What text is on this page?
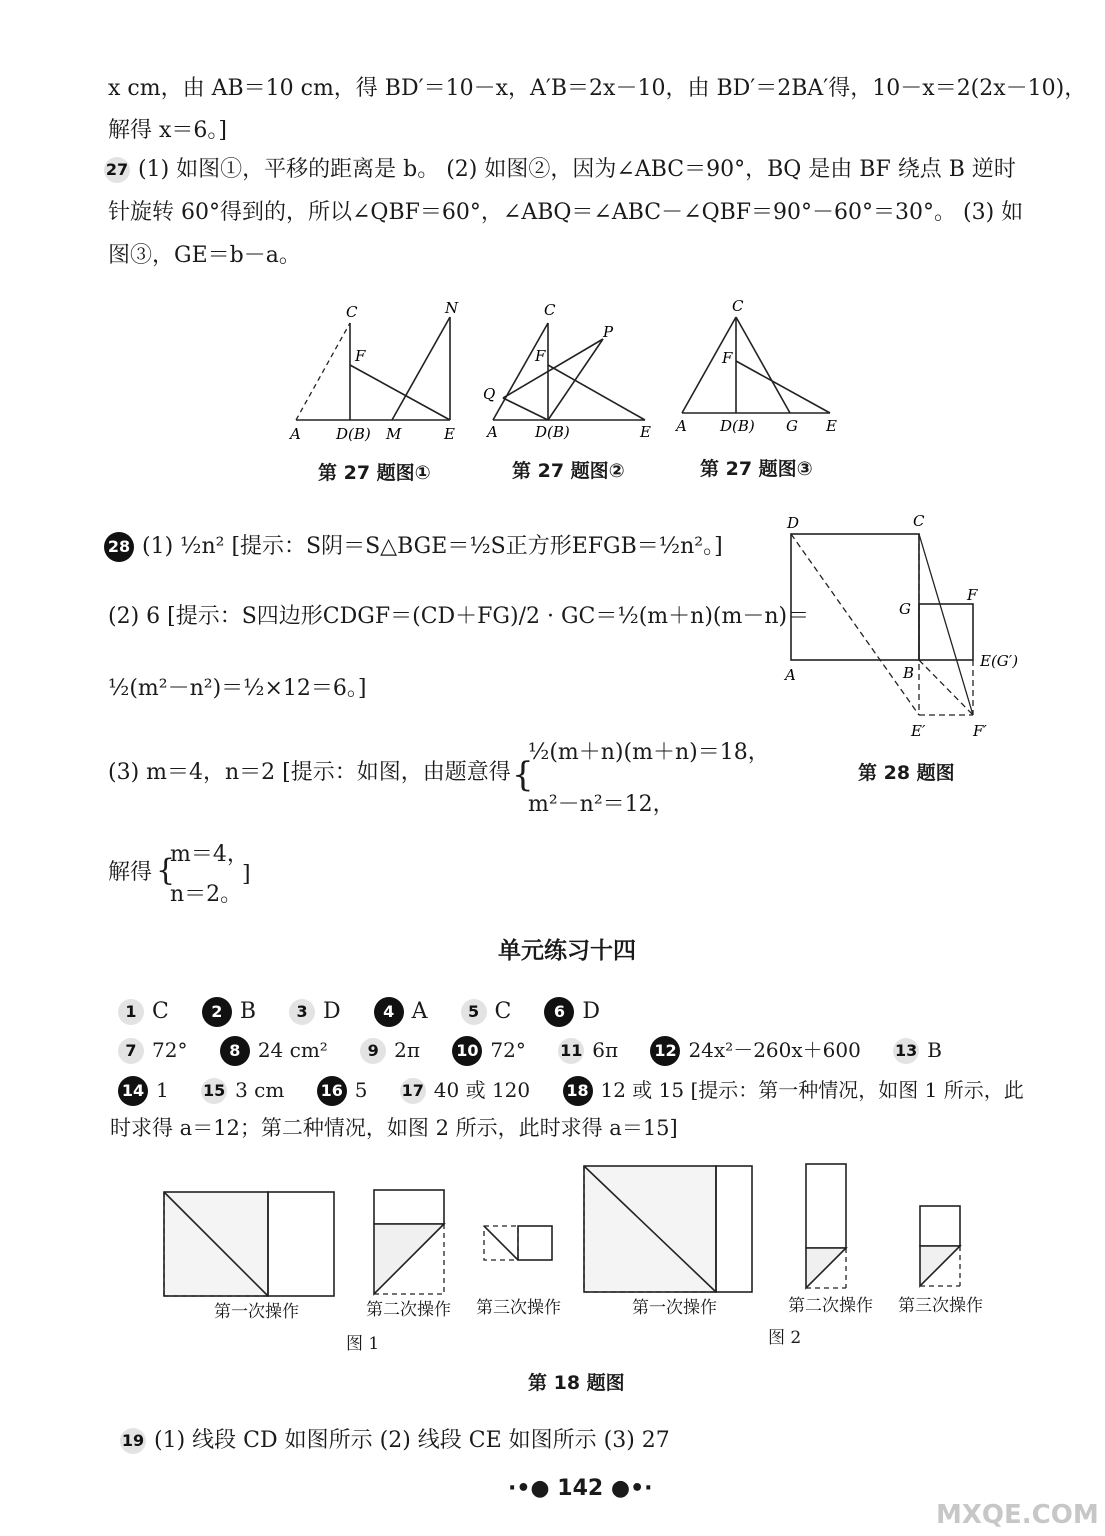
x cm，由 AB＝10 cm，得 BD′＝10－x，A′B＝2x－10，由 BD′＝2BA′得，10－x＝2(2x－10)，
解得 x＝6。]
27 (1) 如图①，平移的距离是 b。 (2) 如图②，因为∠ABC＝90°，BQ 是由 BF 绕点 B 逆时
针旋转 60°得到的，所以∠QBF＝60°，∠ABQ＝∠ABC－∠QBF＝90°－60°＝30°。 (3) 如
图③，GE＝b－a。
C	N
F
A D(B) M	E
C
P
F
Q
A D(B)	E
C
F
A D(B) G E
第 27 题图①	第 27 题图②	第 27 题图③
28 (1) ½n² [提示：S阴＝S△BGE＝½S正方形EFGB＝½n²。]
(2) 6 [提示：S四边形CDGF＝(CD＋FG)/2 · GC＝½(m＋n)(m－n)＝
½(m²－n²)＝½×12＝6。]
(3) m＝4，n＝2 [提示：如图，由题意得 {
½(m＋n)(m＋n)＝18，
m²－n²＝12，
解得 {
m＝4，
n＝2。
]
D	C
G
F
A	B
E(G′)
E′	F′
第 28 题图
单元练习十四
1 C	2 B	3 D	4 A	5 C	6 D
7 72°	8 24 cm² 9 2π 10 72° 11 6π 12 24x²－260x＋600 13 B
14 1 15 3 cm 16 5 17 40 或 120 18 12 或 15 [提示：第一种情况，如图 1 所示，此
时求得 a＝12；第二种情况，如图 2 所示，此时求得 a＝15]
第一次操作	第二次操作 第三次操作	第一次操作	第二次操作 第三次操作
图 1	图 2
第 18 题图
19 (1) 线段 CD 如图所示 (2) 线段 CE 如图所示 (3) 27
·•● 142 ●•·
MXQE.COM
